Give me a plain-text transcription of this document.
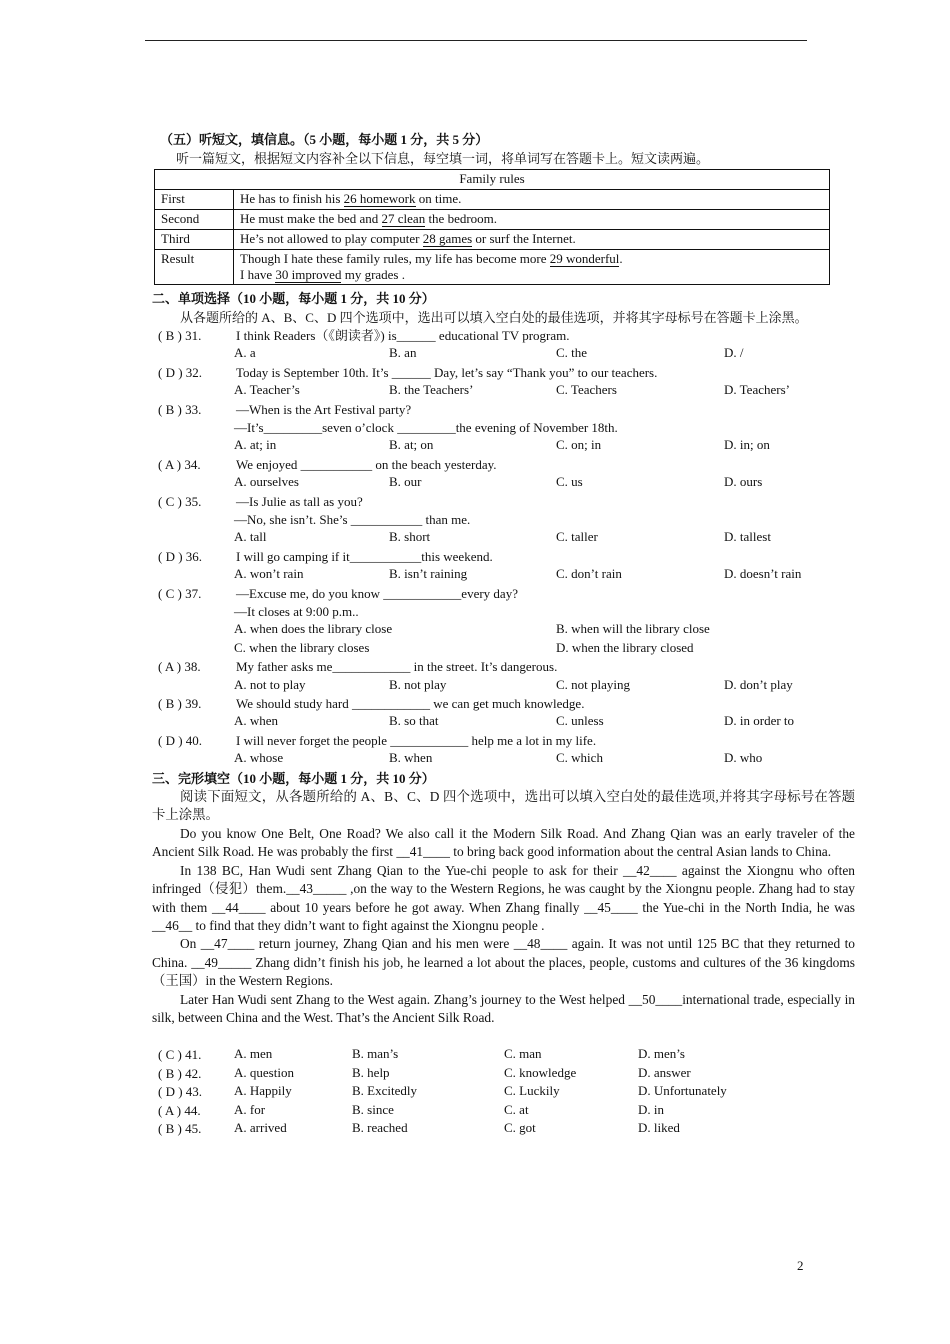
（五）听短文，填信息。（5 小题，每小题 1 分，共 5 分）
听一篇短文，根据短文内容补全以下信息，每空填一词，将单词写在答题卡上。短文读两遍。
Family rules	
First	He has to finish his 26 homework on time.
Second	He must make the bed and 27 clean the bedroom.
Third	He’s not allowed to play computer 28 games or surf the Internet.
Result	Though I hate these family rules, my life has become more 29 wonderful.
I have 30 improved my grades .
二、单项选择（10 小题，每小题 1 分，共 10 分）
从各题所给的 A、B、C、D 四个选项中，选出可以填入空白处的最佳选项，并将其字母标号在答题卡上涂黑。
( B ) 31.	I think Readers（《朗读者》) is______ educational TV program.
A. a	B. an	C. the	D. /
( D ) 32.	Today is September 10th. It’s ______ Day, let’s say “Thank you” to our teachers.
A. Teacher’s	B. the Teachers’	C. Teachers	D. Teachers’
( B ) 33.	—When is the Art Festival party?
—It’s_________seven o’clock _________the evening of November 18th.
A. at; in	B. at; on	C. on; in	D. in; on
( A ) 34.	We enjoyed ___________ on the beach yesterday.
A. ourselves	B. our	C. us	D. ours
( C ) 35.	—Is Julie as tall as you?
—No, she isn’t. She’s ___________ than me.
A. tall	B. short	C. taller	D. tallest
( D ) 36.	I will go camping if it___________this weekend.
A. won’t rain	B. isn’t raining	C. don’t rain	D. doesn’t rain
( C ) 37.	—Excuse me, do you know ____________every day?
—It closes at 9:00 p.m..
A. when does the library close	B. when will the library close
C. when the library closes	D. when the library closed
( A ) 38.	My father asks me____________ in the street. It’s dangerous.
A. not to play	B. not play	C. not playing	D. don’t play
( B ) 39.	We should study hard ____________ we can get much knowledge.
A. when	B. so that	C. unless	D. in order to
( D ) 40.	I will never forget the people ____________ help me a lot in my life.
A. whose	B. when	C. which	D. who
三、完形填空（10 小题，每小题 1 分，共 10 分）

阅读下面短文，从各题所给的 A、B、C、D 四个选项中，选出可以填入空白处的最佳选项,并将其字母标号在答题卡上涂黑。

Do you know One Belt, One Road? We also call it the Modern Silk Road. And Zhang Qian was an early traveler of the Ancient Silk Road. He was probably the first __41____ to bring back good information about the central Asian lands to China.

In 138 BC, Han Wudi sent Zhang Qian to the Yue-chi people to ask for their __42____ against the Xiongnu who often infringed（侵犯）them.__43_____ ,on the way to the Western Regions, he was caught by the Xiongnu people. Zhang had to stay with them __44____ about 10 years before he got away. When Zhang finally __45____ the Yue-chi in the North India, he was __46__ to find that they didn’t want to fight against the Xiongnu people .

On __47____ return journey, Zhang Qian and his men were __48____ again. It was not until 125 BC that they returned to China. __49_____ Zhang didn’t finish his job, he learned a lot about the places, people, customs and cultures of the 36 kingdoms（王国）in the Western Regions.

Later Han Wudi sent Zhang to the West again. Zhang’s journey to the West helped __50____international trade, especially in silk, between China and the West. That’s the Ancient Silk Road.

( C ) 41.	A. men	B. man’s	C. man	D. men’s
( B ) 42.	A. question	B. help	C. knowledge	D. answer
( D ) 43. A. Happily	B. Excitedly	C. Luckily	D. Unfortunately
( A ) 44.	A. for	B. since	C. at	D. in
( B ) 45.	A. arrived	B. reached	C. got	D. liked
2
